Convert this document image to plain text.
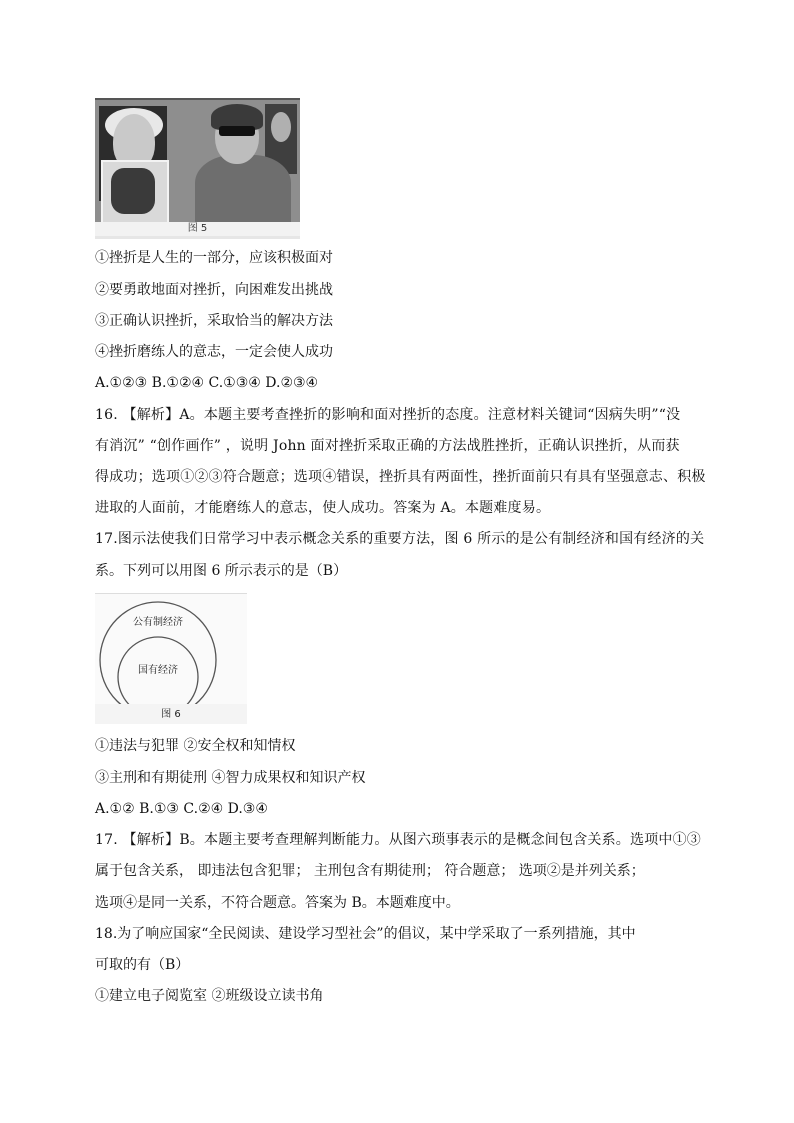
图 5
①挫折是人生的一部分，应该积极面对
②要勇敢地面对挫折，向困难发出挑战
③正确认识挫折，采取恰当的解决方法
④挫折磨练人的意志，一定会使人成功
A.①②③ B.①②④ C.①③④ D.②③④
16. 【解析】A。本题主要考查挫折的影响和面对挫折的态度。注意材料关键词“因病失明”“没
有消沉” “创作画作” ，说明 John 面对挫折采取正确的方法战胜挫折，正确认识挫折，从而获
得成功；选项①②③符合题意；选项④错误，挫折具有两面性，挫折面前只有具有坚强意志、积极
进取的人面前，才能磨练人的意志，使人成功。答案为 A。本题难度易。
17.图示法使我们日常学习中表示概念关系的重要方法，图 6 所示的是公有制经济和国有经济的关
系。下列可以用图 6 所示表示的是（B）
公有制经济
国有经济
图 6
①违法与犯罪 ②安全权和知情权
③主刑和有期徒刑 ④智力成果权和知识产权
A.①② B.①③ C.②④ D.③④
17. 【解析】B。本题主要考查理解判断能力。从图六琐事表示的是概念间包含关系。选项中①③
属于包含关系， 即违法包含犯罪； 主刑包含有期徒刑； 符合题意； 选项②是并列关系；
选项④是同一关系，不符合题意。答案为 B。本题难度中。
18.为了响应国家“全民阅读、建设学习型社会”的倡议，某中学采取了一系列措施，其中
可取的有（B）
①建立电子阅览室 ②班级设立读书角
